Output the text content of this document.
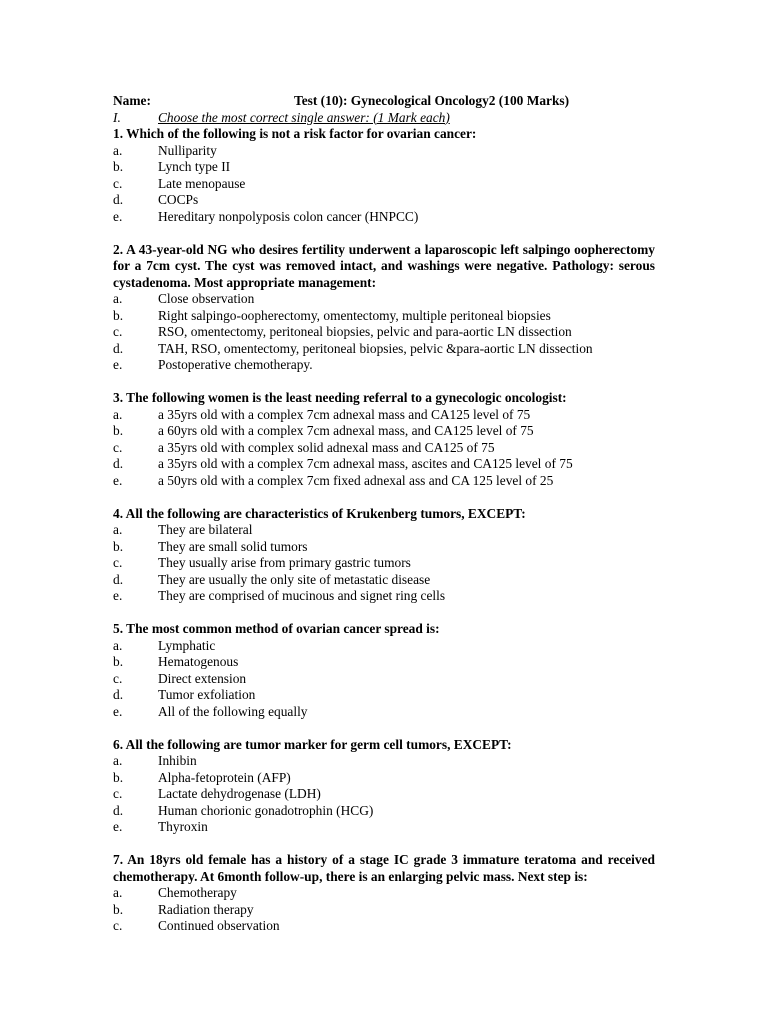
Name:	Test (10): Gynecological Oncology2 (100 Marks)
I.	Choose the most correct single answer: (1 Mark each)
1. Which of the following is not a risk factor for ovarian cancer:
a.	Nulliparity
b.	Lynch type II
c.	Late menopause
d.	COCPs
e.	Hereditary nonpolyposis colon cancer (HNPCC)
2. A 43-year-old NG who desires fertility underwent a laparoscopic left salpingo oopherectomy for a 7cm cyst. The cyst was removed intact, and washings were negative. Pathology: serous cystadenoma. Most appropriate management:
a.	Close observation
b.	Right salpingo-oopherectomy, omentectomy, multiple peritoneal biopsies
c.	RSO, omentectomy, peritoneal biopsies, pelvic and para-aortic LN dissection
d.	TAH, RSO, omentectomy, peritoneal biopsies, pelvic &para-aortic LN dissection
e.	Postoperative chemotherapy.
3. The following women is the least needing referral to a gynecologic oncologist:
a.	a 35yrs old with a complex 7cm adnexal mass and CA125 level of 75
b.	a 60yrs old with a complex 7cm adnexal mass, and CA125 level of 75
c.	a 35yrs old with complex solid adnexal mass and CA125 of 75
d.	a 35yrs old with a complex 7cm adnexal mass, ascites and CA125 level of 75
e.	a 50yrs old with a complex 7cm fixed adnexal ass and CA 125 level of 25
4. All the following are characteristics of Krukenberg tumors, EXCEPT:
a.	They are bilateral
b.	They are small solid tumors
c.	They usually arise from primary gastric tumors
d.	They are usually the only site of metastatic disease
e.	They are comprised of mucinous and signet ring cells
5. The most common method of ovarian cancer spread is:
a.	Lymphatic
b.	Hematogenous
c.	Direct extension
d.	Tumor exfoliation
e.	All of the following equally
6. All the following are tumor marker for germ cell tumors, EXCEPT:
a.	Inhibin
b.	Alpha-fetoprotein (AFP)
c.	Lactate dehydrogenase (LDH)
d.	Human chorionic gonadotrophin (HCG)
e.	Thyroxin
7. An 18yrs old female has a history of a stage IC grade 3 immature teratoma and received chemotherapy. At 6month follow-up, there is an enlarging pelvic mass. Next step is:
a.	Chemotherapy
b.	Radiation therapy
c.	Continued observation
